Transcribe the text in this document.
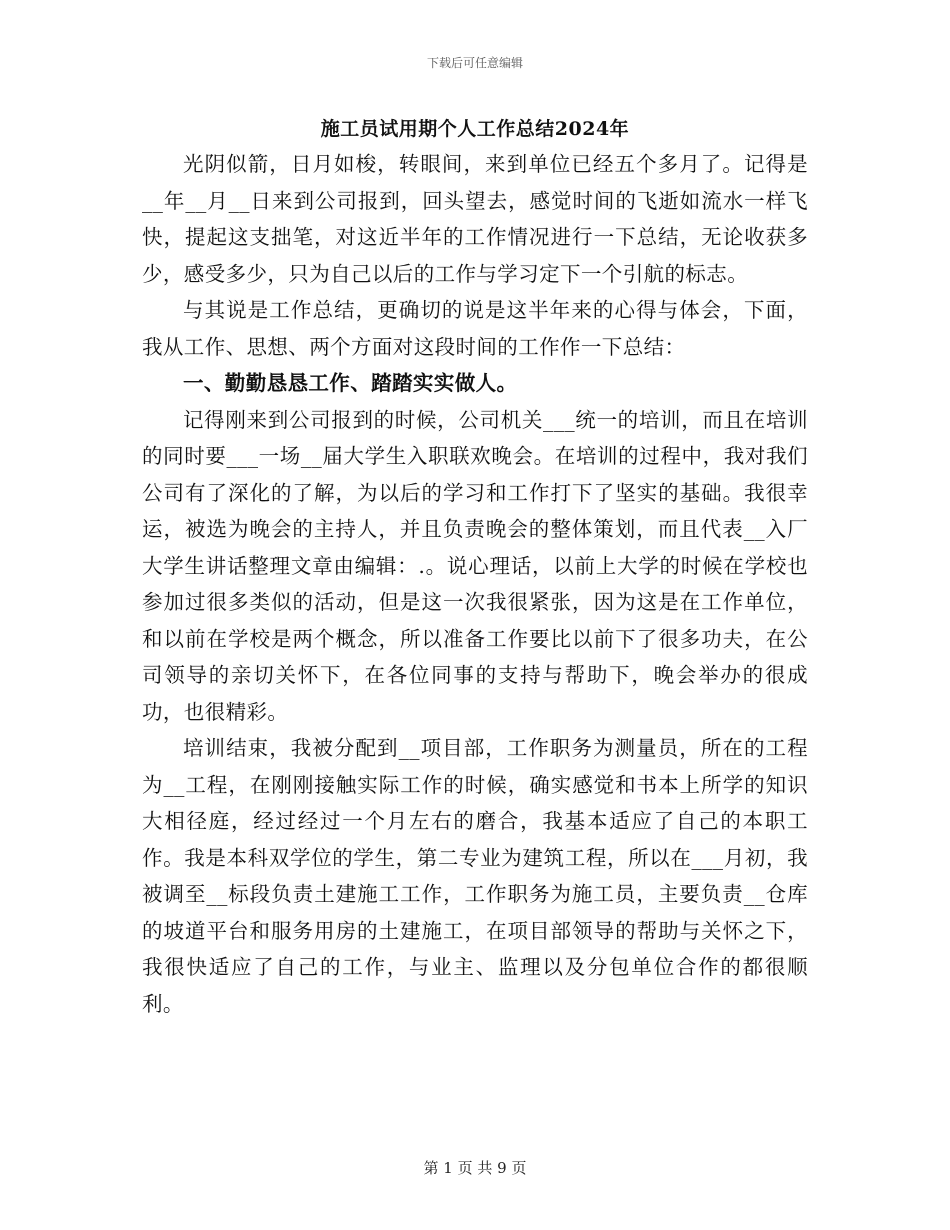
下载后可任意编辑
施工员试用期个人工作总结2024年

光阴似箭，日月如梭，转眼间，来到单位已经五个多月了。记得是__年__月__日来到公司报到，回头望去，感觉时间的飞逝如流水一样飞快，提起这支拙笔，对这近半年的工作情况进行一下总结，无论收获多少，感受多少，只为自己以后的工作与学习定下一个引航的标志。

与其说是工作总结，更确切的说是这半年来的心得与体会，下面，我从工作、思想、两个方面对这段时间的工作作一下总结：

一、勤勤恳恳工作、踏踏实实做人。

记得刚来到公司报到的时候，公司机关___统一的培训，而且在培训的同时要___一场__届大学生入职联欢晚会。在培训的过程中，我对我们公司有了深化的了解，为以后的学习和工作打下了坚实的基础。我很幸运，被选为晚会的主持人，并且负责晚会的整体策划，而且代表__入厂大学生讲话整理文章由编辑：.。说心理话，以前上大学的时候在学校也参加过很多类似的活动，但是这一次我很紧张，因为这是在工作单位，和以前在学校是两个概念，所以准备工作要比以前下了很多功夫，在公司领导的亲切关怀下，在各位同事的支持与帮助下，晚会举办的很成功，也很精彩。

培训结束，我被分配到__项目部，工作职务为测量员，所在的工程为__工程，在刚刚接触实际工作的时候，确实感觉和书本上所学的知识大相径庭，经过经过一个月左右的磨合，我基本适应了自己的本职工作。我是本科双学位的学生，第二专业为建筑工程，所以在___月初，我被调至__标段负责土建施工工作，工作职务为施工员，主要负责__仓库的坡道平台和服务用房的土建施工，在项目部领导的帮助与关怀之下，我很快适应了自己的工作，与业主、监理以及分包单位合作的都很顺利。

第 1 页 共 9 页
